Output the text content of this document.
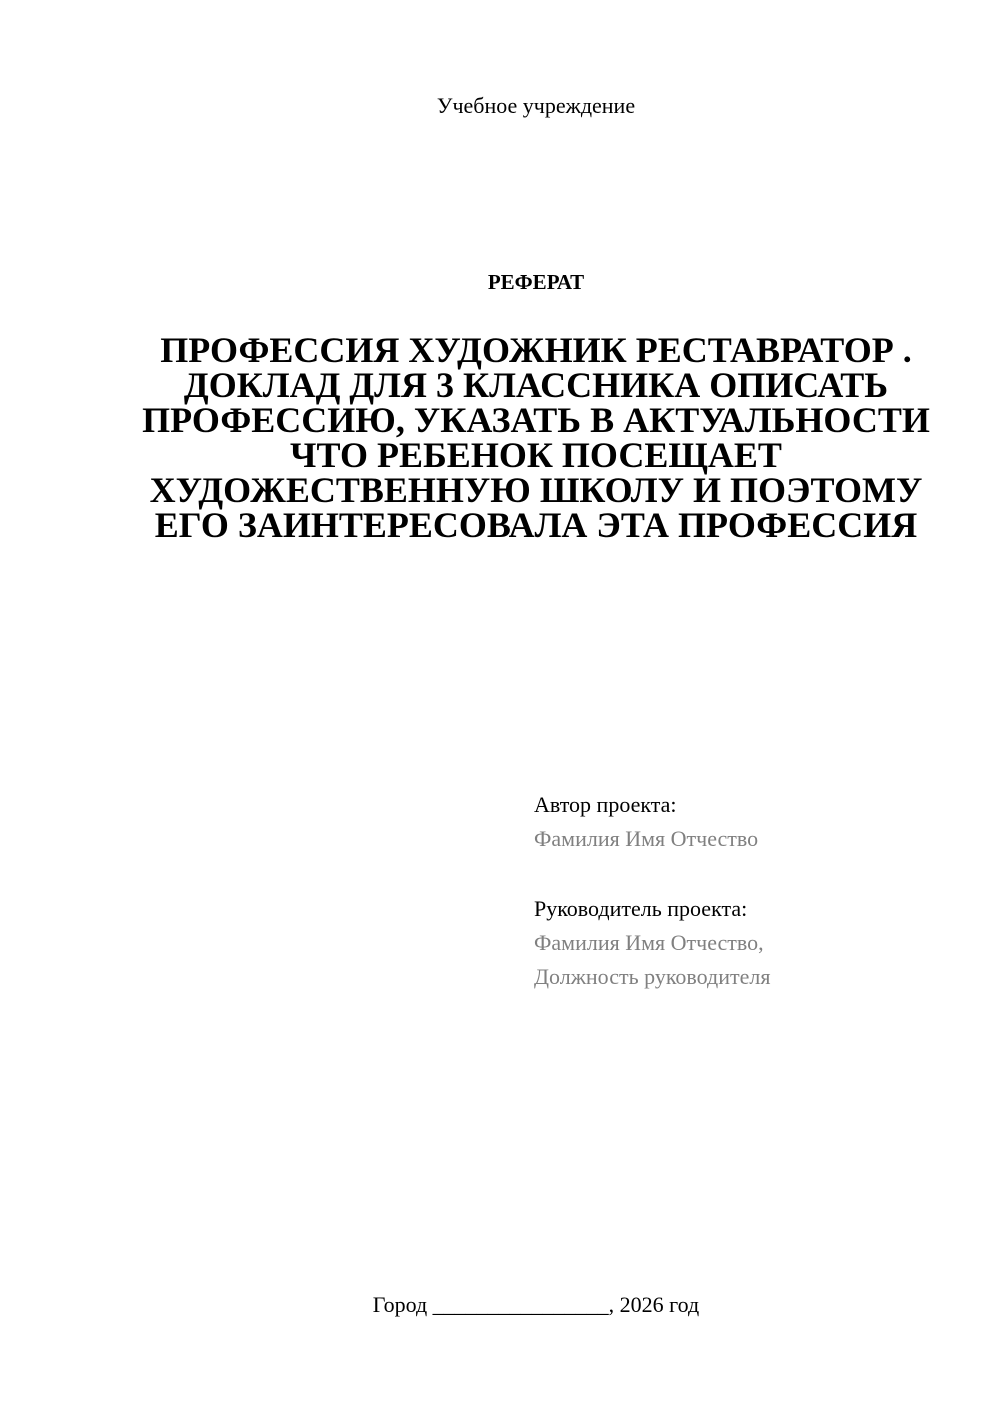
Учебное учреждение
РЕФЕРАТ
ПРОФЕССИЯ ХУДОЖНИК РЕСТАВРАТОР . ДОКЛАД ДЛЯ 3 КЛАССНИКА ОПИСАТЬ ПРОФЕССИЮ, УКАЗАТЬ В АКТУАЛЬНОСТИ ЧТО РЕБЕНОК ПОСЕЩАЕТ ХУДОЖЕСТВЕННУЮ ШКОЛУ И ПОЭТОМУ ЕГО ЗАИНТЕРЕСОВАЛА ЭТА ПРОФЕССИЯ
Автор проекта:
Фамилия Имя Отчество
Руководитель проекта:
Фамилия Имя Отчество,
Должность руководителя
Город ________________, 2026 год
